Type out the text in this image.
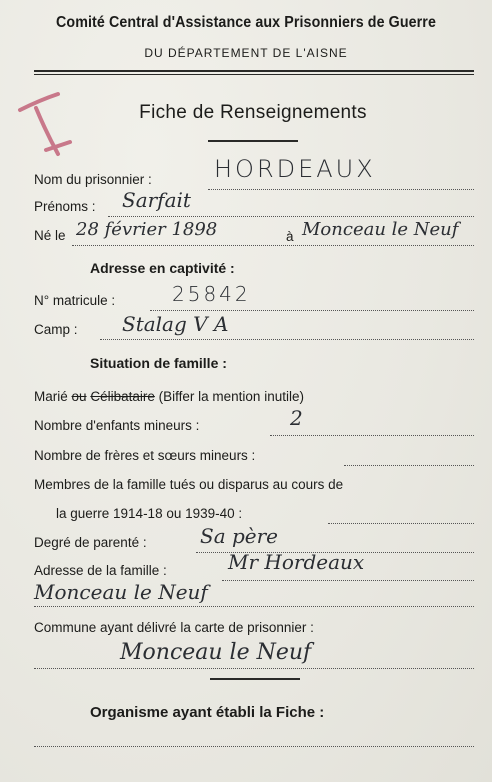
Comité Central d'Assistance aux Prisonniers de Guerre
DU DÉPARTEMENT DE L'AISNE
Fiche de Renseignements
Nom du prisonnier :	HORDEAUX
Prénoms : Sarfait
Né le 28 février 1898	à Monceau le Neuf
Adresse en captivité :
N° matricule :	25842
Camp : Stalag V A
Situation de famille :
Marié ou Célibataire (Biffer la mention inutile)
Nombre d'enfants mineurs :	2
Nombre de frères et sœurs mineurs :
Membres de la famille tués ou disparus au cours de
la guerre 1914-18 ou 1939-40 :
Degré de parenté :	Sa père
Adresse de la famille :	Mr Hordeaux
Monceau le Neuf
Commune ayant délivré la carte de prisonnier :
Monceau le Neuf
Organisme ayant établi la Fiche :
